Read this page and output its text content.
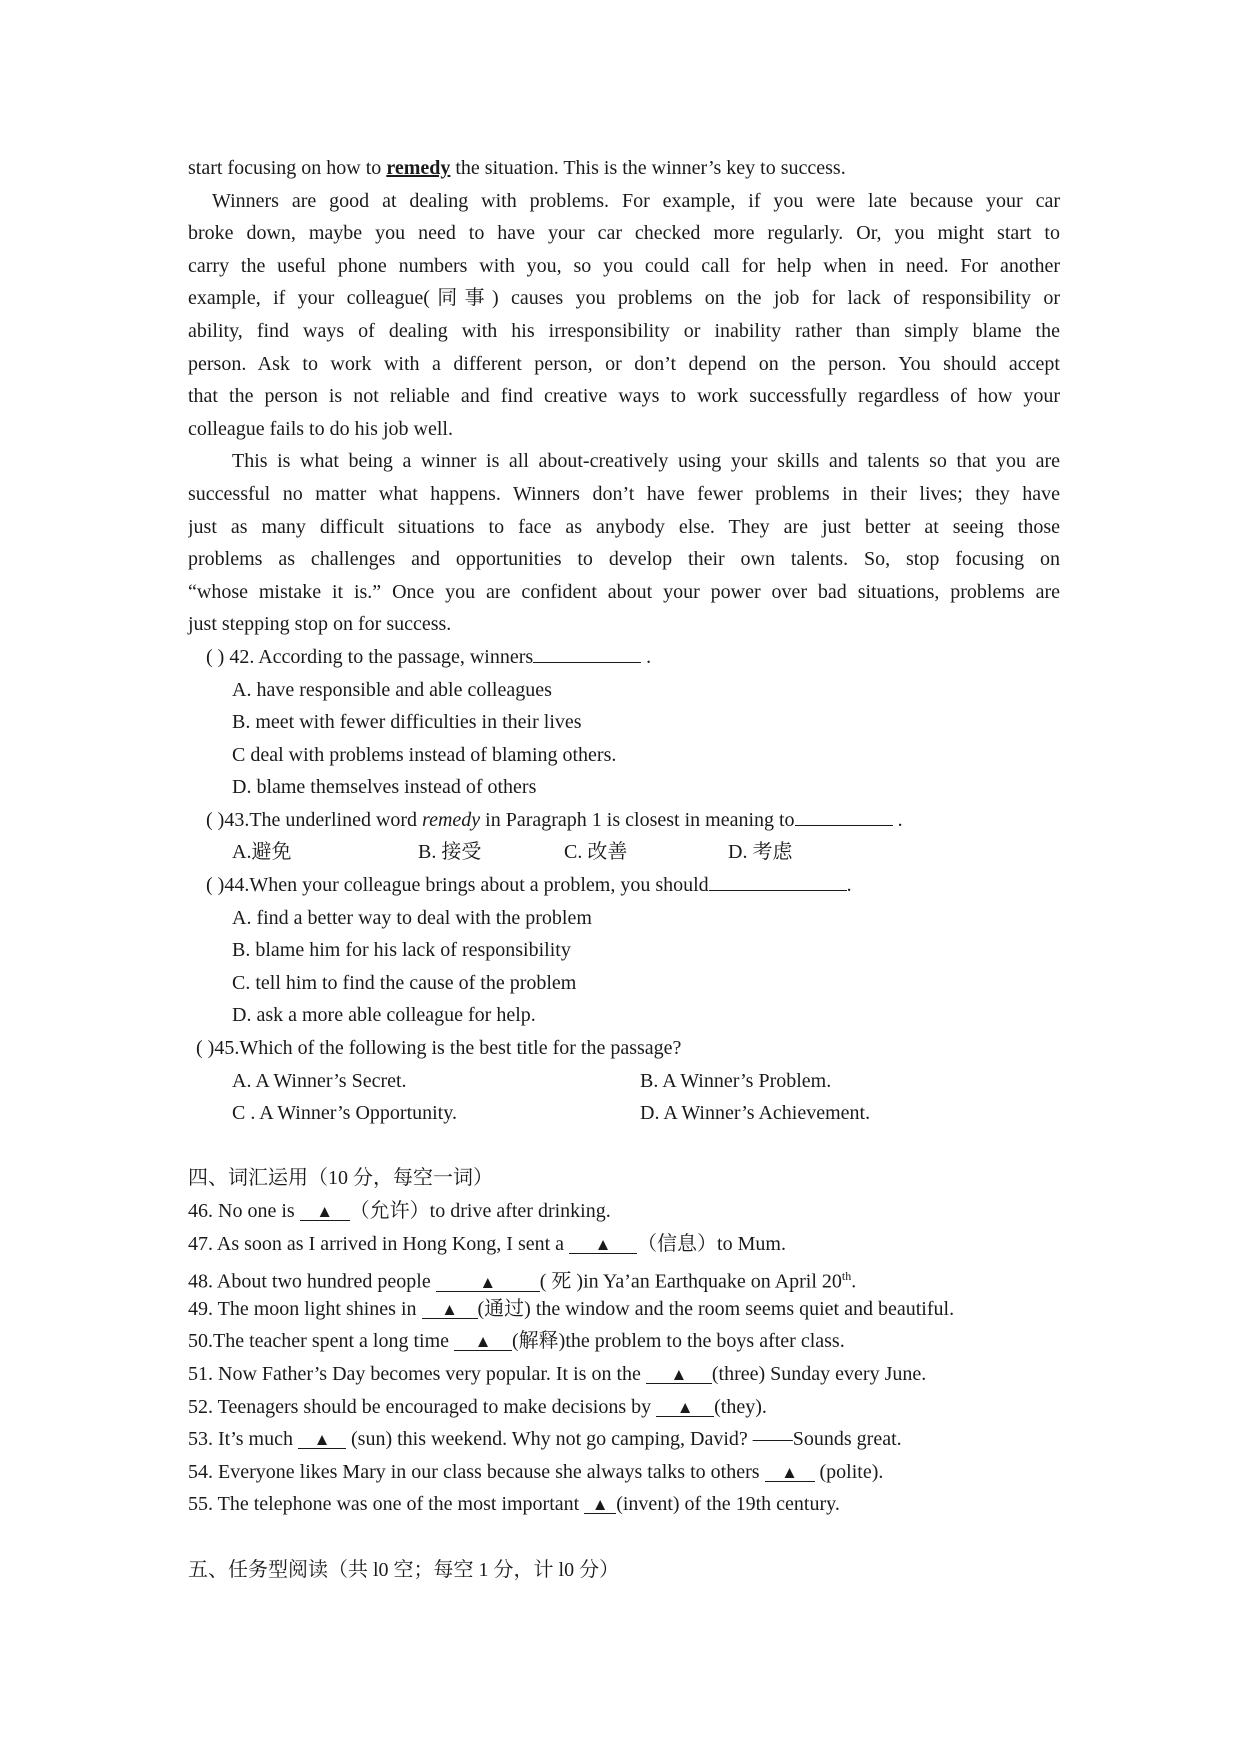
start focusing on how to remedy the situation. This is the winner’s key to success.
Winners are good at dealing with problems. For example, if you were late because your car
broke down, maybe you need to have your car checked more regularly. Or, you might start to
carry the useful phone numbers with you, so you could call for help when in need. For another
example, if your colleague(同事) causes you problems on the job for lack of responsibility or
ability, find ways of dealing with his irresponsibility or inability rather than simply blame the
person. Ask to work with a different person, or don’t depend on the person. You should accept
that the person is not reliable and find creative ways to work successfully regardless of how your
colleague fails to do his job well.
This is what being a winner is all about-creatively using your skills and talents so that you are
successful no matter what happens. Winners don’t have fewer problems in their lives; they have
just as many difficult situations to face as anybody else. They are just better at seeing those
problems as challenges and opportunities to develop their own talents. So, stop focusing on
“whose mistake it is.” Once you are confident about your power over bad situations, problems are
just stepping stop on for success.
( ) 42. According to the passage, winners	.
A. have responsible and able colleagues
B. meet with fewer difficulties in their lives
C deal with problems instead of blaming others.
D. blame themselves instead of others
( )43.The underlined word remedy in Paragraph 1 is closest in meaning to	.
A.避免	B. 接受	C. 改善	D. 考虑
( )44.When your colleague brings about a problem, you should	.
A. find a better way to deal with the problem
B. blame him for his lack of responsibility
C. tell him to find the cause of the problem
D. ask a more able colleague for help.
( )45.Which of the following is the best title for the passage?
A. A Winner’s Secret.	B. A Winner’s Problem.
C . A Winner’s Opportunity.	D. A Winner’s Achievement.
四、词汇运用（10 分，每空一词）
46. No one is ▲ （允许）to drive after drinking.
47. As soon as I arrived in Hong Kong, I sent a ▲ （信息）to Mum.
48. About two hundred people	▲ ( 死 )in Ya’an Earthquake on April 20th.
49. The moon light shines in ▲ (通过) the window and the room seems quiet and beautiful.
50.The teacher spent a long time ▲ (解释)the problem to the boys after class.
51. Now Father’s Day becomes very popular. It is on the ▲ (three) Sunday every June.
52. Teenagers should be encouraged to make decisions by ▲ (they).
53. It’s much ▲ (sun) this weekend. Why not go camping, David? ——Sounds great.
54. Everyone likes Mary in our class because she always talks to others ▲ (polite).
55. The telephone was one of the most important ▲ (invent) of the 19th century.
五、任务型阅读（共 l0 空；每空 1 分，计 l0 分）
